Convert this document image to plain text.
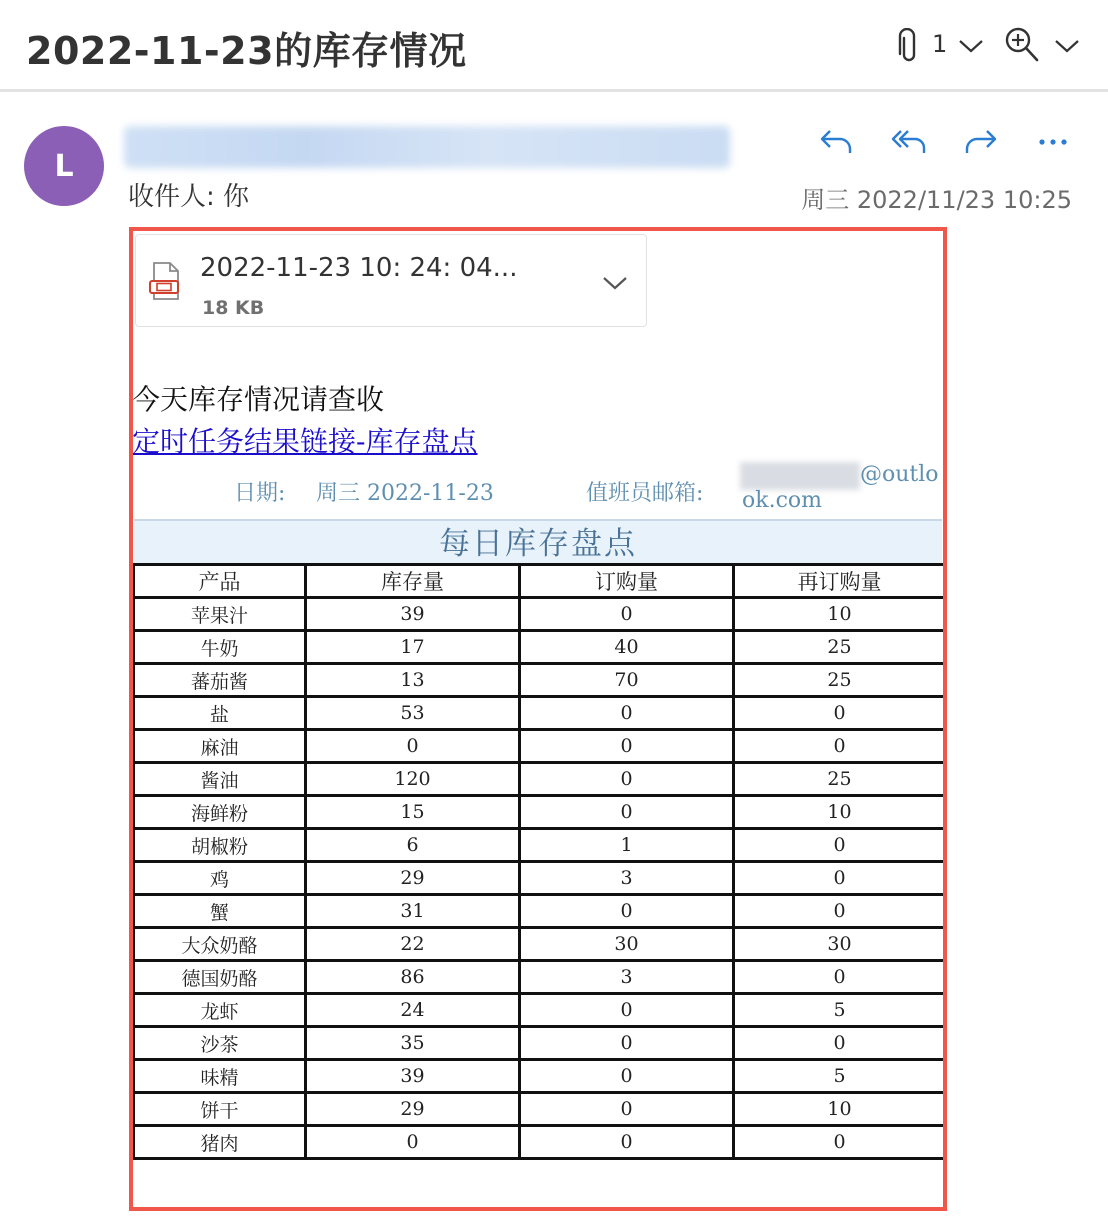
2022-11-23的库存情况	1
L
收件人: 你	周三 2022/11/23 10:25
2022-11-23 10: 24: 04...
18 KB
今天库存情况请查收
定时任务结果链接-库存盘点
日期: 周三 2022-11-23	值班员邮箱:
@outlo
ok.com
每日库存盘点
产品	库存量	订购量	再订购量
苹果汁	39	0	10
牛奶	17	40	25
蕃茄酱	13	70	25
盐	53	0	0
麻油	0	0	0
酱油	120	0	25
海鲜粉	15	0	10
胡椒粉	6	1	0
鸡	29	3	0
蟹	31	0	0
大众奶酪	22	30	30
德国奶酪	86	3	0
龙虾	24	0	5
沙茶	35	0	0
味精	39	0	5
饼干	29	0	10
猪肉	0	0	0
